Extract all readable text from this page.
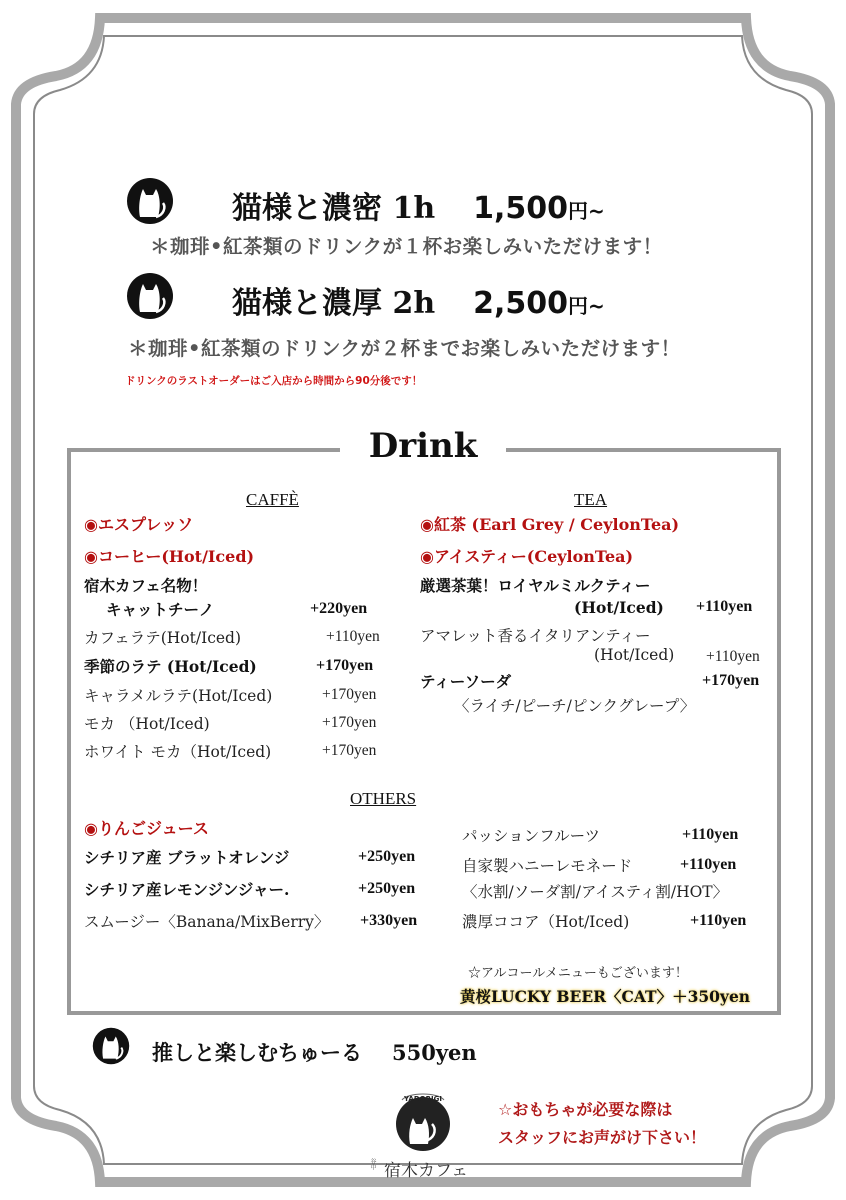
猫様と濃密 1h 1,500円~
＊珈琲•紅茶類のドリンクが１杯お楽しみいただけます！
猫様と濃厚 2h 2,500円~
＊珈琲•紅茶類のドリンクが２杯までお楽しみいただけます！
ドリンクのラストオーダーはご入店から時間から90分後です！
Drink
CAFFÈ
◉エスプレッソ
◉コーヒー(Hot/Iced)
宿木カフェ名物！
キャットチーノ	+220yen
カフェラテ(Hot/Iced)	+110yen
季節のラテ (Hot/Iced)	+170yen
キャラメルラテ(Hot/Iced)	+170yen
モカ （Hot/Iced)	+170yen
ホワイト モカ（Hot/Iced)	+170yen
TEA
◉紅茶 (Earl Grey / CeylonTea)
◉アイスティー(CeylonTea)
厳選茶葉！ロイヤルミルクティー
(Hot/Iced) +110yen
アマレット香るイタリアンティー
(Hot/Iced) +110yen
ティーソーダ	+170yen
〈ライチ/ピーチ/ピンクグレープ〉
OTHERS
◉りんごジュース
シチリア産 ブラットオレンジ	+250yen
シチリア産レモンジンジャー.	+250yen
スムージー〈Banana/MixBerry〉 +330yen
パッションフルーツ	+110yen
自家製ハニーレモネード	+110yen
〈水割/ソーダ割/アイスティ割/HOT〉
濃厚ココア（Hot/Iced)	+110yen
☆アルコールメニューもございます！
黄桜LUCKY BEER〈CAT〉＋350yen
推しと楽しむちゅーる 550yen
YADORIGI
谷中 宿木カフェ
☆おもちゃが必要な際は
スタッフにお声がけ下さい！
